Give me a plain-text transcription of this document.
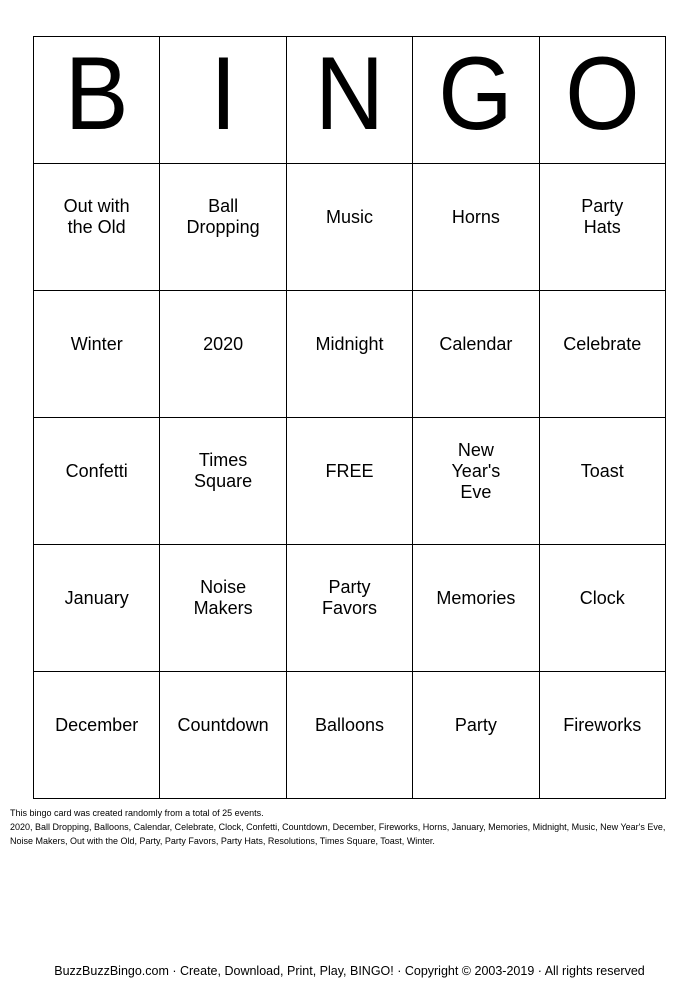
B	I	N	G	O
Out with the Old	Ball Dropping	Music	Horns	Party Hats
Winter	2020	Midnight	Calendar	Celebrate
Confetti	Times Square	FREE	New Year's Eve	Toast
January	Noise Makers	Party Favors	Memories	Clock
December	Countdown	Balloons	Party	Fireworks

This bingo card was created randomly from a total of 25 events.

2020, Ball Dropping, Balloons, Calendar, Celebrate, Clock, Confetti, Countdown, December, Fireworks, Horns, January, Memories, Midnight, Music, New Year's Eve, Noise Makers, Out with the Old, Party, Party Favors, Party Hats, Resolutions, Times Square, Toast, Winter.

BuzzBuzzBingo.com · Create, Download, Print, Play, BINGO! · Copyright © 2003-2019 · All rights reserved
